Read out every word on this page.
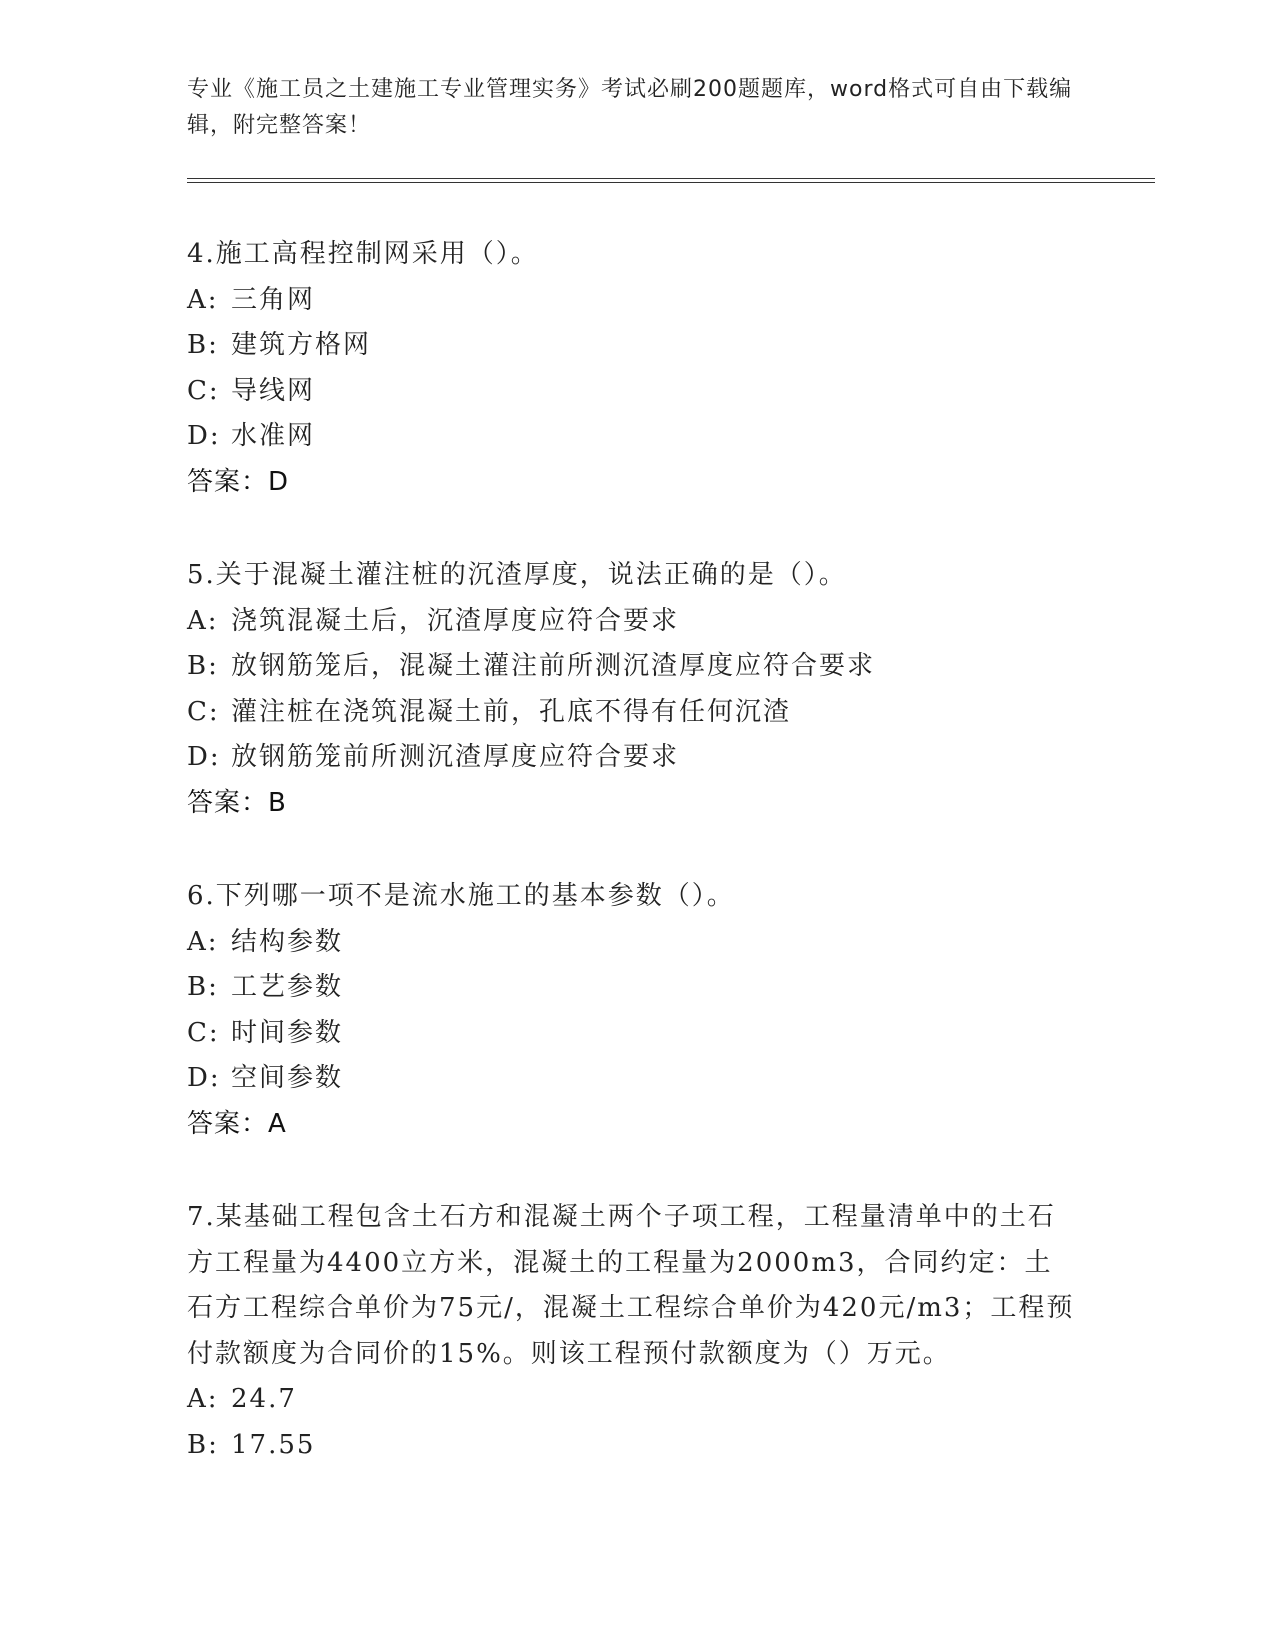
专业《施工员之土建施工专业管理实务》考试必刷200题题库，word格式可自由下载编辑，附完整答案！
4.施工高程控制网采用（）。
A: 三角网
B: 建筑方格网
C: 导线网
D: 水准网
答案：D
5.关于混凝土灌注桩的沉渣厚度，说法正确的是（）。
A: 浇筑混凝土后，沉渣厚度应符合要求
B: 放钢筋笼后，混凝土灌注前所测沉渣厚度应符合要求
C: 灌注桩在浇筑混凝土前，孔底不得有任何沉渣
D: 放钢筋笼前所测沉渣厚度应符合要求
答案：B
6.下列哪一项不是流水施工的基本参数（）。
A: 结构参数
B: 工艺参数
C: 时间参数
D: 空间参数
答案：A
7.某基础工程包含土石方和混凝土两个子项工程，工程量清单中的土石方工程量为4400立方米，混凝土的工程量为2000m3，合同约定：土石方工程综合单价为75元/，混凝土工程综合单价为420元/m3；工程预付款额度为合同价的15%。则该工程预付款额度为（）万元。
A: 24.7
B: 17.55
